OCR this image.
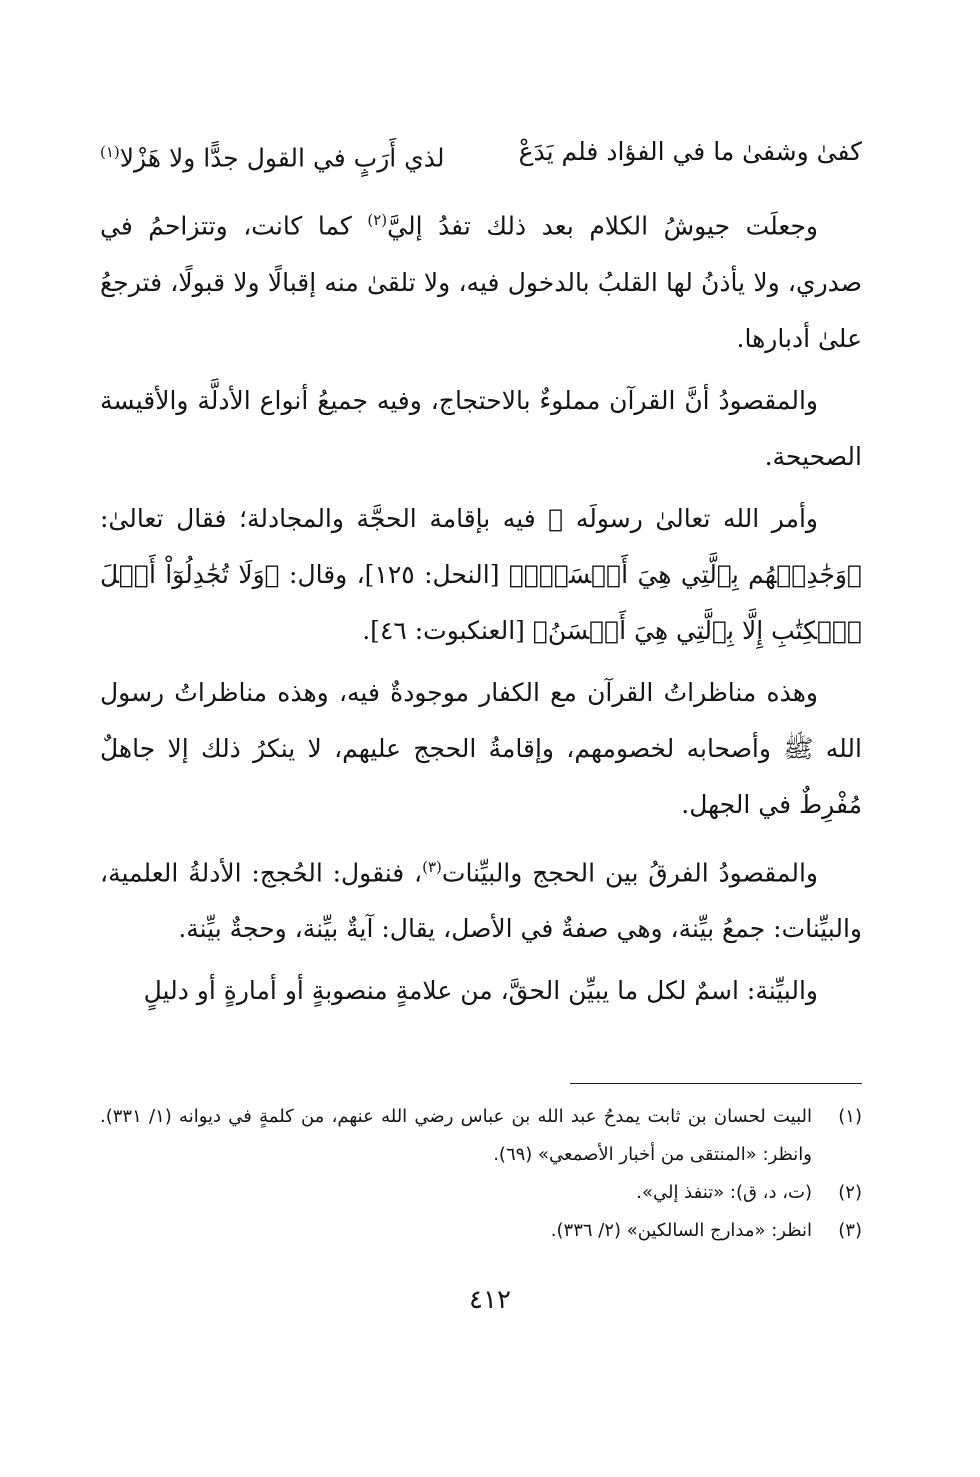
كفىٰ وشفىٰ ما في الفؤاد فلم يَدَعْ
لذي أَرَبٍ في القول جدًّا ولا هَزْلا$^{(١)}$

وجعلَت جيوشُ الكلام بعد ذلك تفدُ إليَّ$^{(٢)}$ كما كانت، وتتزاحمُ في صدري، ولا يأذنُ لها القلبُ بالدخول فيه، ولا تلقىٰ منه إقبالًا ولا قبولًا، فترجعُ علىٰ أدبارها.

والمقصودُ أنَّ القرآن مملوءٌ بالاحتجاج، وفيه جميعُ أنواع الأدلَّة والأقيسة الصحيحة.

وأمر الله تعالىٰ رسولَه ﷺ فيه بإقامة الحجَّة والمجادلة؛ فقال تعالىٰ: ﴿وَجَٰدِلۡهُم بِٱلَّتِي هِيَ أَحۡسَنُۚ﴾ [النحل: ١٢٥]، وقال: ﴿وَلَا تُجَٰدِلُوٓاْ أَهۡلَ ٱلۡكِتَٰبِ إِلَّا بِٱلَّتِي هِيَ أَحۡسَنُ﴾ [العنكبوت: ٤٦].

وهذه مناظراتُ القرآن مع الكفار موجودةٌ فيه، وهذه مناظراتُ رسول الله ﷺ وأصحابه لخصومهم، وإقامةُ الحجج عليهم، لا ينكرُ ذلك إلا جاهلٌ مُفْرِطٌ في الجهل.

والمقصودُ الفرقُ بين الحجج والبيِّنات$^{(٣)}$، فنقول: الحُجج: الأدلةُ العلمية، والبيِّنات: جمعُ بيِّنة، وهي صفةٌ في الأصل، يقال: آيةٌ بيِّنة، وحجةٌ بيِّنة.

والبيِّنة: اسمٌ لكل ما يبيِّن الحقَّ، من علامةٍ منصوبةٍ أو أمارةٍ أو دليلٍ

(١)
البيت لحسان بن ثابت يمدحُ عبد الله بن عباس رضي الله عنهم، من كلمةٍ في ديوانه (١/ ٣٣١). وانظر: «المنتقى من أخبار الأصمعي» (٦٩).
(٢)
(ت، د، ق): «تنفذ إلي».
(٣)
انظر: «مدارج السالكين» (٢/ ٣٣٦).
٤١٢
